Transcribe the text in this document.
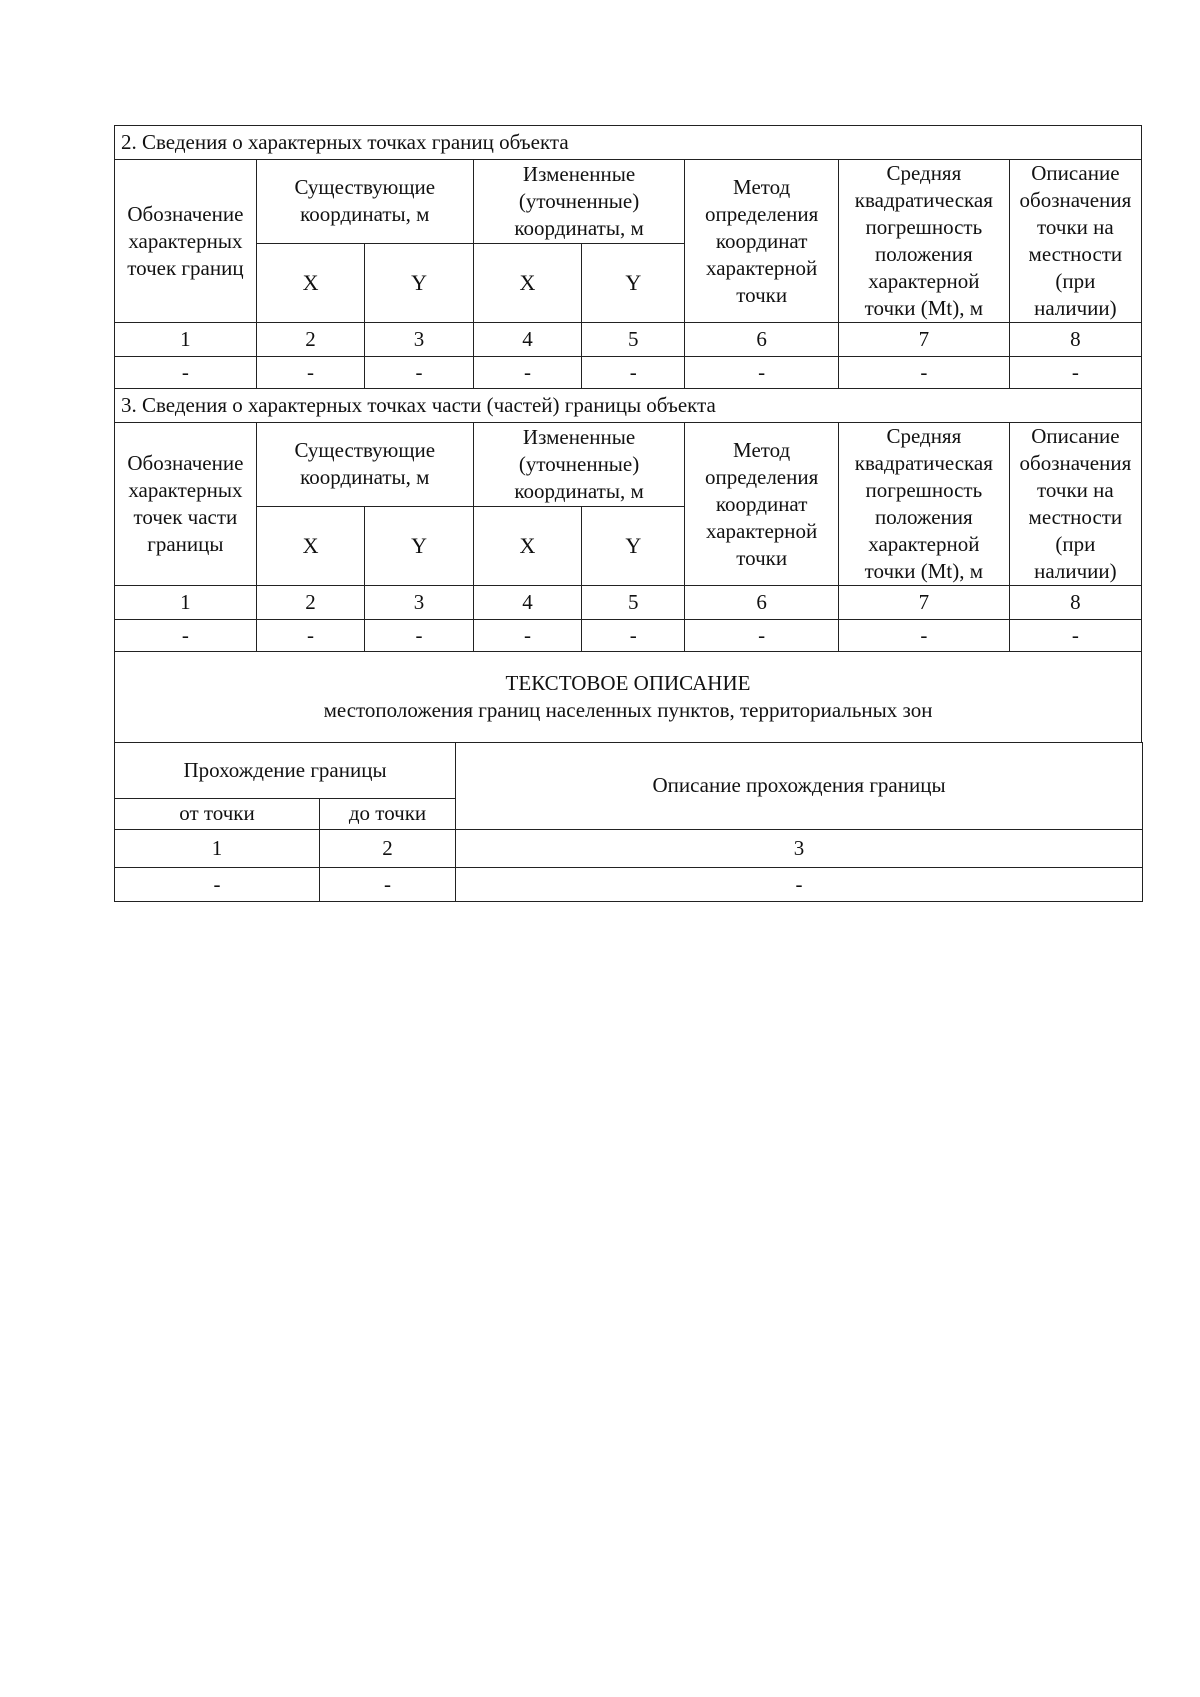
2. Сведения о характерных точках границ объекта							
Обозначение характерных точек границ	Существующие координаты, м		Измененные (уточненные) координаты, м		Метод определения координат характерной точки	Средняя квадратическая погрешность положения характерной точки (Mt), м	Описание обозначения точки на местности (при наличии)
	X	Y	X	Y			
1	2	3	4	5	6	7	8
-	-	-	-	-	-	-	-
3. Сведения о характерных точках части (частей) границы объекта							
Обозначение характерных точек части границы	Существующие координаты, м		Измененные (уточненные) координаты, м		Метод определения координат характерной точки	Средняя квадратическая погрешность положения характерной точки (Mt), м	Описание обозначения точки на местности (при наличии)
	X	Y	X	Y			
1	2	3	4	5	6	7	8
-	-	-	-	-	-	-	-

ТЕКСТОВОЕ ОПИСАНИЕ
местоположения границ населенных пунктов, территориальных зон							
Прохождение границы		Описание прохождения границы
от точки	до точки	
1	2	3
-	-	-
